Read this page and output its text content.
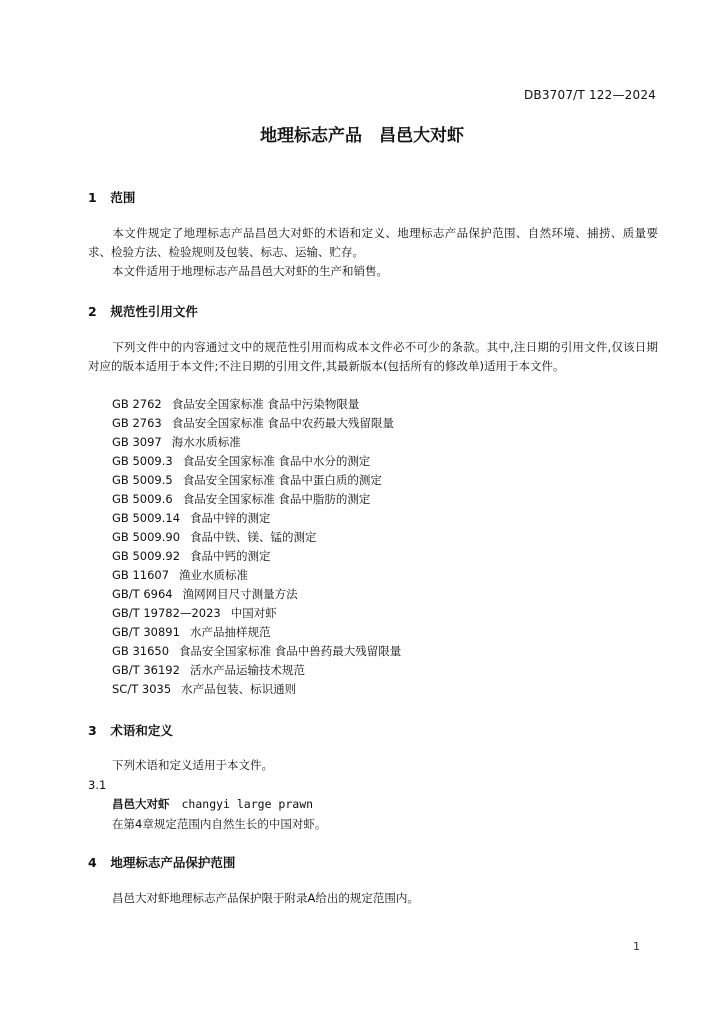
DB3707/T 122—2024
地理标志产品　昌邑大对虾
1 范围
本文件规定了地理标志产品昌邑大对虾的术语和定义、地理标志产品保护范围、自然环境、捕捞、质量要求、检验方法、检验规则及包装、标志、运输、贮存。
本文件适用于地理标志产品昌邑大对虾的生产和销售。
2 规范性引用文件
下列文件中的内容通过文中的规范性引用而构成本文件必不可少的条款。其中,注日期的引用文件,仅该日期对应的版本适用于本文件;不注日期的引用文件,其最新版本(包括所有的修改单)适用于本文件。
GB 2762 食品安全国家标准 食品中污染物限量
GB 2763 食品安全国家标准 食品中农药最大残留限量
GB 3097 海水水质标准
GB 5009.3 食品安全国家标准 食品中水分的测定
GB 5009.5 食品安全国家标准 食品中蛋白质的测定
GB 5009.6 食品安全国家标准 食品中脂肪的测定
GB 5009.14 食品中锌的测定
GB 5009.90 食品中铁、镁、锰的测定
GB 5009.92 食品中钙的测定
GB 11607 渔业水质标准
GB/T 6964 渔网网目尺寸测量方法
GB/T 19782—2023 中国对虾
GB/T 30891 水产品抽样规范
GB 31650 食品安全国家标准 食品中兽药最大残留限量
GB/T 36192 活水产品运输技术规范
SC/T 3035 水产品包装、标识通则
3 术语和定义
下列术语和定义适用于本文件。
3.1
昌邑大对虾 changyi large prawn
在第4章规定范围内自然生长的中国对虾。
4 地理标志产品保护范围
昌邑大对虾地理标志产品保护限于附录A给出的规定范围内。
1
